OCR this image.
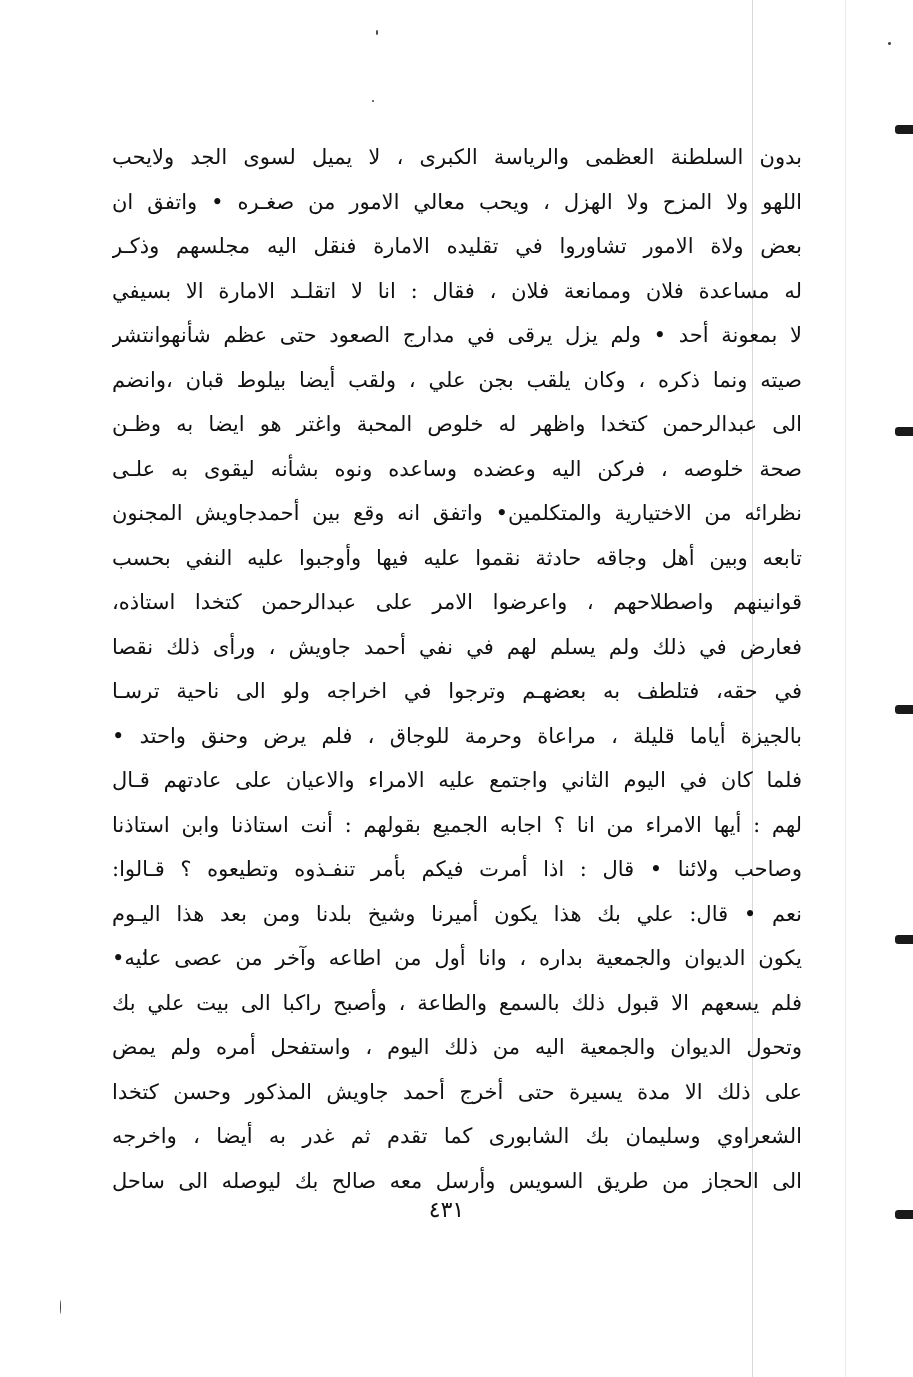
بدون السلطنة العظمى والرياسة الكبرى ، لا يميل لسوى الجد ولايحب
اللهو ولا المزح ولا الهزل ، ويحب معالي الامور من صغـره • واتفق ان
بعض ولاة الامور تشاوروا في تقليده الامارة فنقل اليه مجلسهم وذكـر
له مساعدة فلان وممانعة فلان ، فقال : انا لا اتقلـد الامارة الا بسيفي
لا بمعونة أحد • ولم يزل يرقى في مدارج الصعود حتى عظم شأنهوانتشر
صيته ونما ذكره ، وكان يلقب بجن علي ، ولقب أيضا بيلوط قبان ،وانضم
الى عبدالرحمن كتخدا واظهر له خلوص المحبة واغتر هو ايضا به وظـن
صحة خلوصه ، فركن اليه وعضده وساعده ونوه بشأنه ليقوى به علـى
نظرائه من الاختيارية والمتكلمين• واتفق انه وقع بين أحمدجاويش المجنون
تابعه وبين أهل وجاقه حادثة نقموا عليه فيها وأوجبوا عليه النفي بحسب
قوانينهم واصطلاحهم ، واعرضوا الامر على عبدالرحمن كتخدا استاذه،
فعارض في ذلك ولم يسلم لهم في نفي أحمد جاويش ، ورأى ذلك نقصا
في حقه، فتلطف به بعضهـم وترجوا في اخراجه ولو الى ناحية ترسـا
بالجيزة أياما قليلة ، مراعاة وحرمة للوجاق ، فلم يرض وحنق واحتد •
فلما كان في اليوم الثاني واجتمع عليه الامراء والاعيان على عادتهم قـال
لهم : أيها الامراء من انا ؟ اجابه الجميع بقولهم : أنت استاذنا وابن استاذنا
وصاحب ولائنا • قال : اذا أمرت فيكم بأمر تنفـذوه وتطيعوه ؟ قـالوا:
نعم • قال: علي بك هذا يكون أميرنا وشيخ بلدنا ومن بعد هذا اليـوم
يكون الديوان والجمعية بداره ، وانا أول من اطاعه وآخر من عصى عليه•
فلم يسعهم الا قبول ذلك بالسمع والطاعة ، وأصبح راكبا الى بيت علي بك
وتحول الديوان والجمعية اليه من ذلك اليوم ، واستفحل أمره ولم يمض
على ذلك الا مدة يسيرة حتى أخرج أحمد جاويش المذكور وحسن كتخدا
الشعراوي وسليمان بك الشابورى كما تقدم ثم غدر به أيضا ، واخرجه
الى الحجاز من طريق السويس وأرسل معه صالح بك ليوصله الى ساحل
٤٣١
